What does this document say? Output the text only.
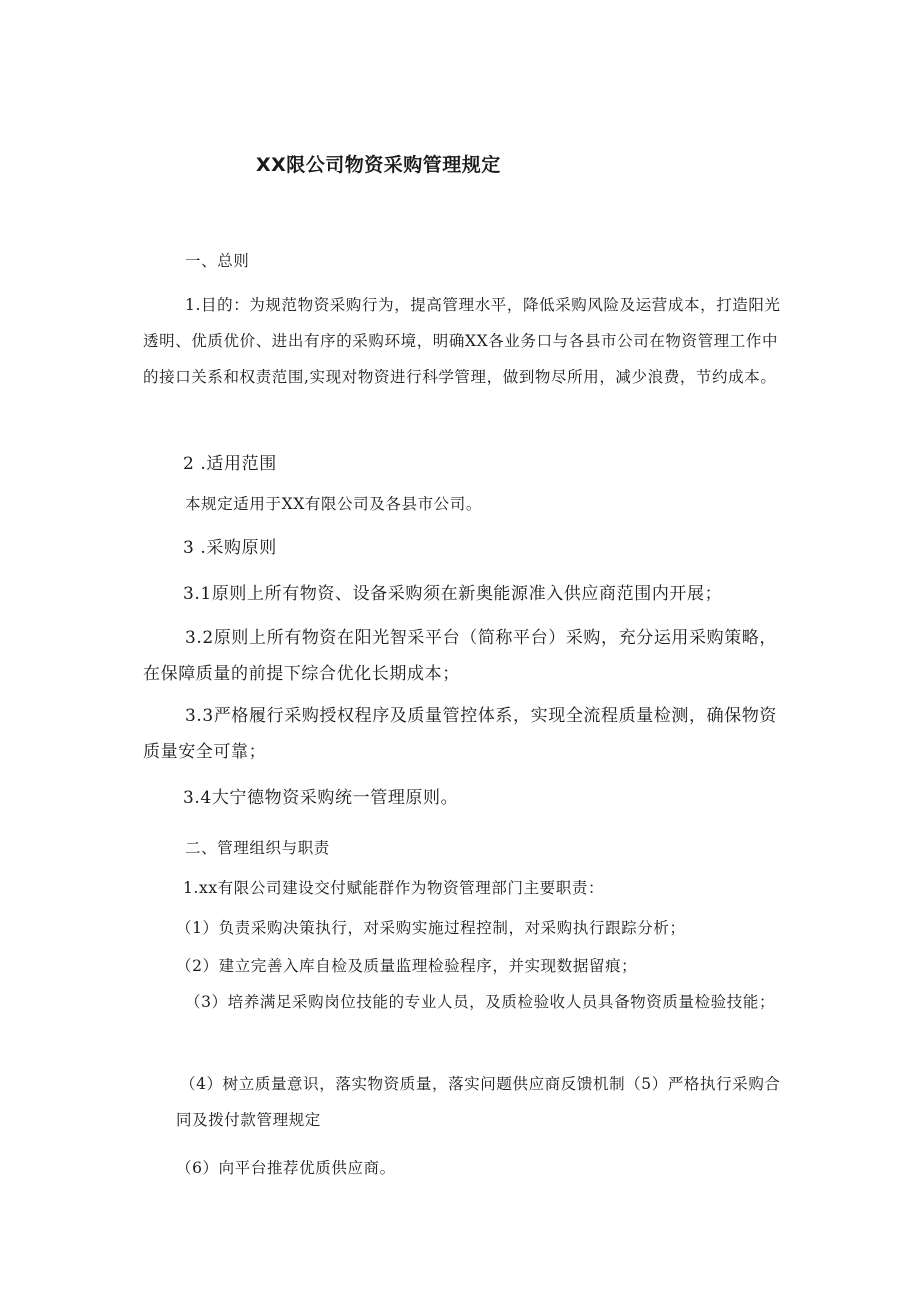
XX限公司物资采购管理规定
一、总则
1.目的：为规范物资采购行为，提高管理水平，降低采购风险及运营成本，打造阳光透明、优质优价、进出有序的采购环境，明确XX各业务口与各县市公司在物资管理工作中的接口关系和权责范围,实现对物资进行科学管理，做到物尽所用，减少浪费，节约成本。
2 .适用范围
本规定适用于XX有限公司及各县市公司。
3 .采购原则
3.1原则上所有物资、设备采购须在新奥能源准入供应商范围内开展；
3.2原则上所有物资在阳光智采平台（简称平台）采购，充分运用采购策略，在保障质量的前提下综合优化长期成本；
3.3严格履行采购授权程序及质量管控体系，实现全流程质量检测，确保物资质量安全可靠；
3.4大宁德物资采购统一管理原则。
二、管理组织与职责
1.xx有限公司建设交付赋能群作为物资管理部门主要职责：
（1）负责采购决策执行，对采购实施过程控制，对采购执行跟踪分析；
（2）建立完善入库自检及质量监理检验程序，并实现数据留痕；
（3）培养满足采购岗位技能的专业人员，及质检验收人员具备物资质量检验技能；
（4）树立质量意识，落实物资质量，落实问题供应商反馈机制（5）严格执行采购合同及拨付款管理规定
（6）向平台推荐优质供应商。
